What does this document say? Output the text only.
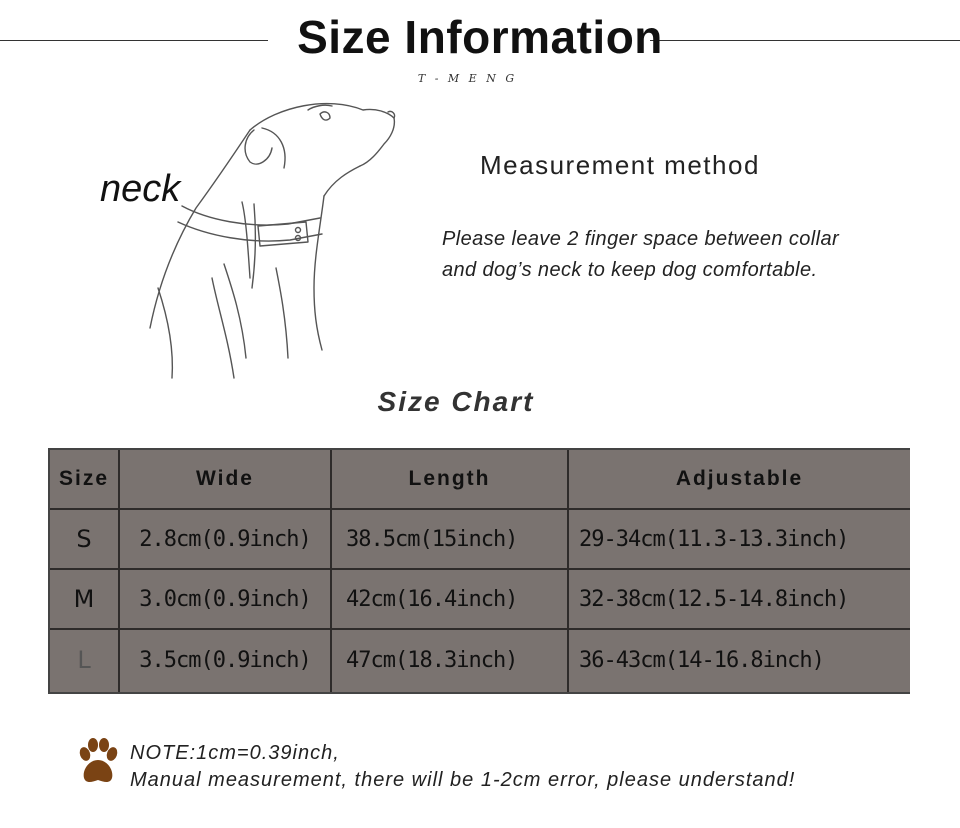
Size Information
T - M E N G
neck
Measurement method
Please leave 2 finger space between collar
and dog’s neck to keep dog comfortable.
Size Chart
Size	Wide	Length	Adjustable
S 2.8cm(0.9inch) 38.5cm(15inch)	29-34cm(11.3-13.3inch)
M 3.0cm(0.9inch) 42cm(16.4inch)	32-38cm(12.5-14.8inch)
L 3.5cm(0.9inch) 47cm(18.3inch)	36-43cm(14-16.8inch)
NOTE:1cm=0.39inch,
Manual measurement, there will be 1-2cm error, please understand!
